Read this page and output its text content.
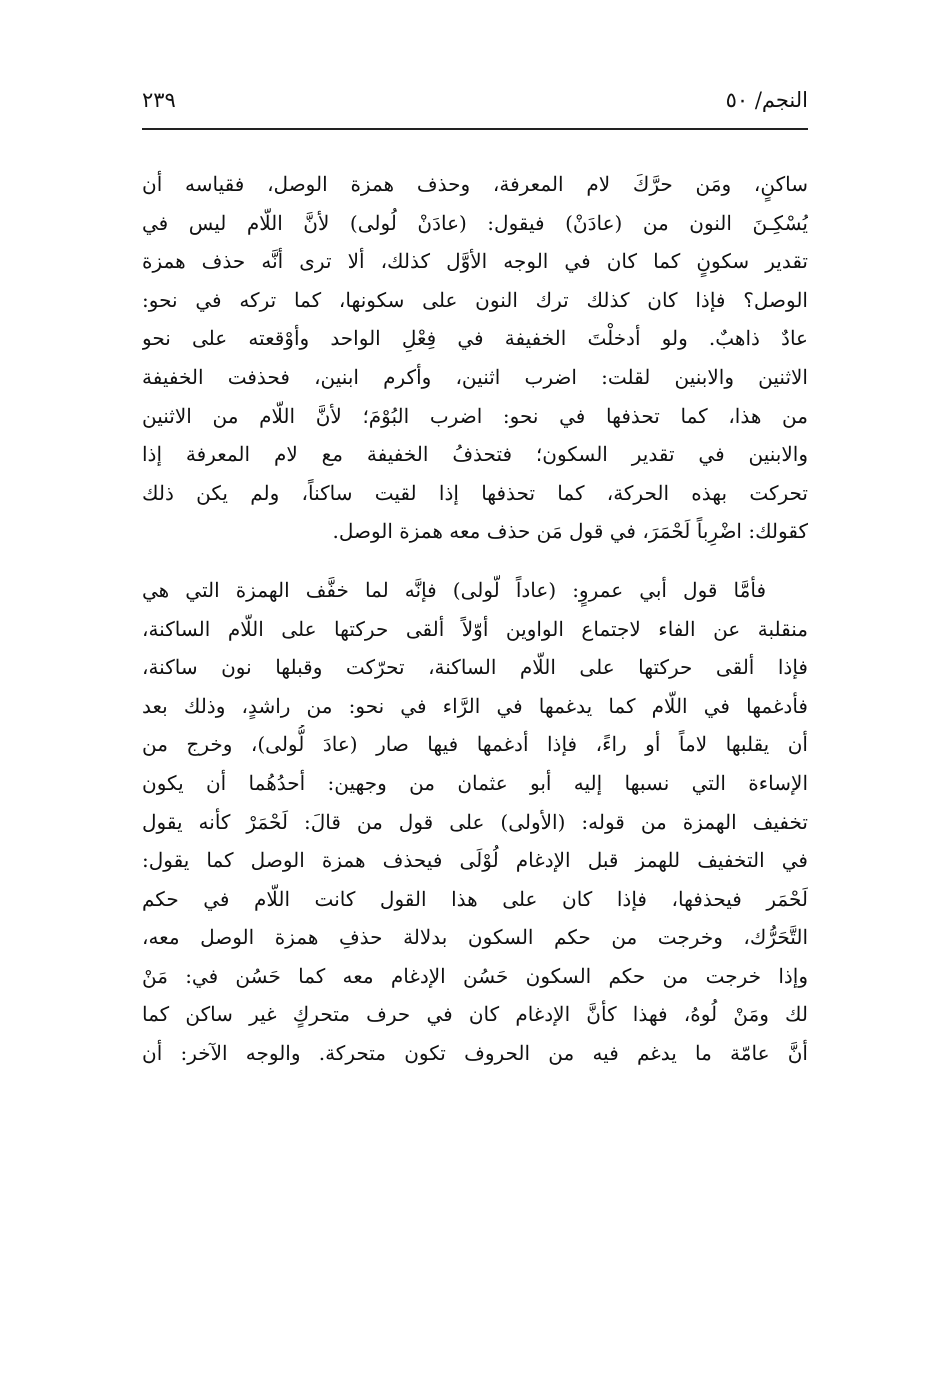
النجم/ ٥٠
٢٣٩
ساكنٍ، ومَن حرَّكَ لام المعرفة، وحذف همزة الوصل، فقياسه أن
يُسْكِـنَ النون من (عادَنْ) فيقول: (عادَنْ لُولى) لأنَّ اللّام ليس في
تقدير سكونٍ كما كان في الوجه الأوَّل كذلك، ألا ترى أنَّه حذف همزة
الوصل؟ فإذا كان كذلك ترك النون على سكونها، كما تركه في نحو:
عادٌ ذاهبٌ. ولو أدخلْتَ الخفيفة في فِعْلِ الواحد وأوْقعته على نحو
الاثنين والابنين لقلت: اضرب اثنين، وأكرم ابنين، فحذفت الخفيفة
من هذا، كما تحذفها في نحو: اضرب البُوْمَ؛ لأنَّ اللّام من الاثنين
والابنين في تقدير السكون؛ فتحذفُ الخفيفة مع لام المعرفة إذا
تحركت بهذه الحركة، كما تحذفها إذا لقيت ساكناً، ولم يكن ذلك
كقولك: اضْرِباً لَحْمَرَ، في قول مَن حذف معه همزة الوصل.
فأمَّا قول أبي عمروٍ: (عاداً لّولى) فإنَّه لما خفَّف الهمزة التي هي
منقلبة عن الفاء لاجتماع الواوين أوّلاً ألقى حركتها على اللّام الساكنة،
فإذا ألقى حركتها على اللّام الساكنة، تحرّكت وقبلها نون ساكنة،
فأدغمها في اللّام كما يدغمها في الرَّاء في نحو: من راشدٍ، وذلك بعد
أن يقلبها لاماً أو راءً، فإذا أدغمها فيها صار (عادَ لُّولى)، وخرج من
الإساءة التي نسبها إليه أبو عثمان من وجهين: أحدُهُما أن يكون
تخفيف الهمزة من قوله: (الأولى) على قول من قالَ: لَحْمَرْ كأنه يقول
في التخفيف للهمز قبل الإدغام لُوْلَى فيحذف همزة الوصل كما يقول:
لَحْمَر فيحذفها، فإذا كان على هذا القول كانت اللّام في حكم
التَّحَرُّك، وخرجت من حكم السكون بدلالة حذفِ همزة الوصل معه،
وإذا خرجت من حكم السكون حَسُن الإدغام معه كما حَسُن في: مَنْ
لك ومَنْ لُوهُ، فهذا كأنَّ الإدغام كان في حرف متحركٍ غير ساكن كما
أنَّ عامّة ما يدغم فيه من الحروف تكون متحركة. والوجه الآخر: أن
